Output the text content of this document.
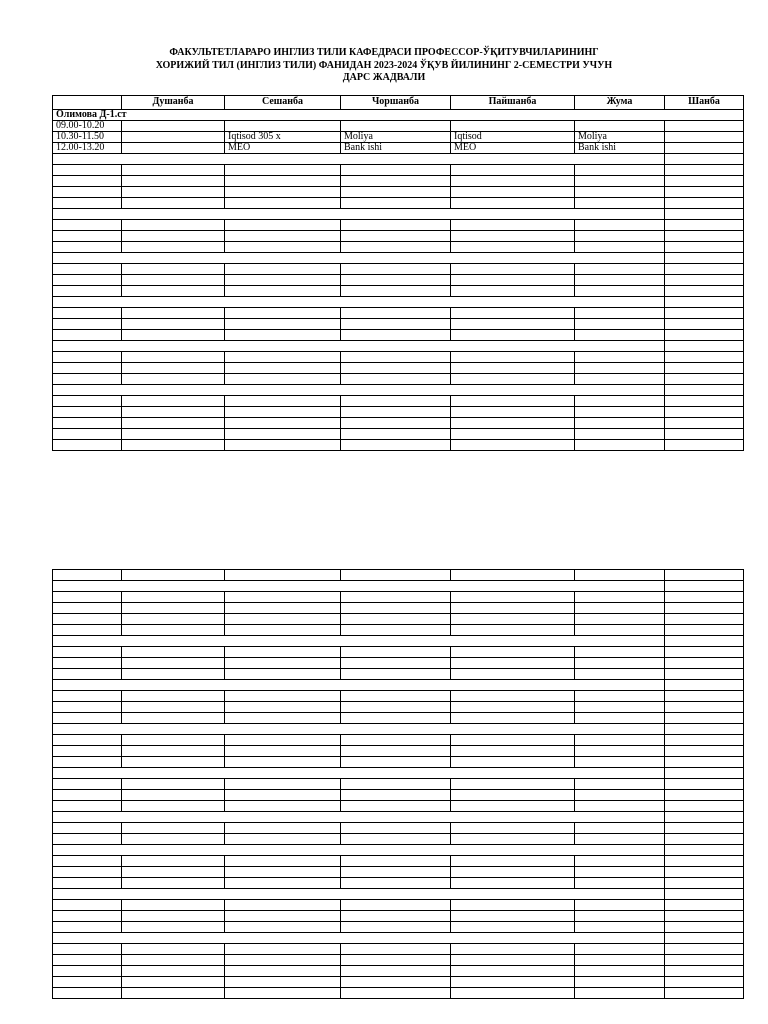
ФАКУЛЬТЕТЛАРАРО ИНГЛИЗ ТИЛИ КАФЕДРАСИ ПРОФЕССОР-ЎҚИТУВЧИЛАРИНИНГ
ХОРИЖИЙ ТИЛ (ИНГЛИЗ ТИЛИ) ФАНИДАН 2023-2024 ЎҚУВ ЙИЛИНИНГ 2-СЕМЕСТРИ УЧУН
ДАРС ЖАДВАЛИ
	Душанба	Сешанба	Чоршанба	Пайшанба	Жума	Шанба
Олимова Д-1.ст						
09.00-10.20						
10.30-11.50		Iqtisod 305 x	Moliya	Iqtisod	Moliya	
12.00-13.20		MEO	Bank ishi	MEO	Bank ishi	
